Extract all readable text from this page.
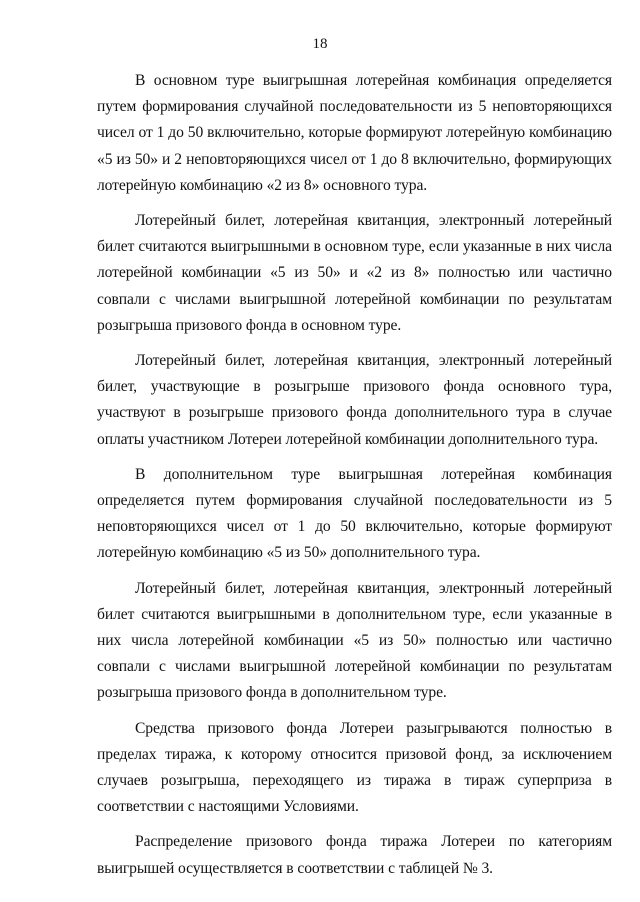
18

В основном туре выигрышная лотерейная комбинация определяется путем формирования случайной последовательности из 5 неповторяющихся чисел от 1 до 50 включительно, которые формируют лотерейную комбинацию «5 из 50» и 2 неповторяющихся чисел от 1 до 8 включительно, формирующих лотерейную комбинацию «2 из 8» основного тура.

Лотерейный билет, лотерейная квитанция, электронный лотерейный билет считаются выигрышными в основном туре, если указанные в них числа лотерейной комбинации «5 из 50» и «2 из 8» полностью или частично совпали с числами выигрышной лотерейной комбинации по результатам розыгрыша призового фонда в основном туре.

Лотерейный билет, лотерейная квитанция, электронный лотерейный билет, участвующие в розыгрыше призового фонда основного тура, участвуют в розыгрыше призового фонда дополнительного тура в случае оплаты участником Лотереи лотерейной комбинации дополнительного тура.

В дополнительном туре выигрышная лотерейная комбинация определяется путем формирования случайной последовательности из 5 неповторяющихся чисел от 1 до 50 включительно, которые формируют лотерейную комбинацию «5 из 50» дополнительного тура.

Лотерейный билет, лотерейная квитанция, электронный лотерейный билет считаются выигрышными в дополнительном туре, если указанные в них числа лотерейной комбинации «5 из 50» полностью или частично совпали с числами выигрышной лотерейной комбинации по результатам розыгрыша призового фонда в дополнительном туре.

Средства призового фонда Лотереи разыгрываются полностью в пределах тиража, к которому относится призовой фонд, за исключением случаев розыгрыша, переходящего из тиража в тираж суперприза в соответствии с настоящими Условиями.

Распределение призового фонда тиража Лотереи по категориям выигрышей осуществляется в соответствии с таблицей № 3.
